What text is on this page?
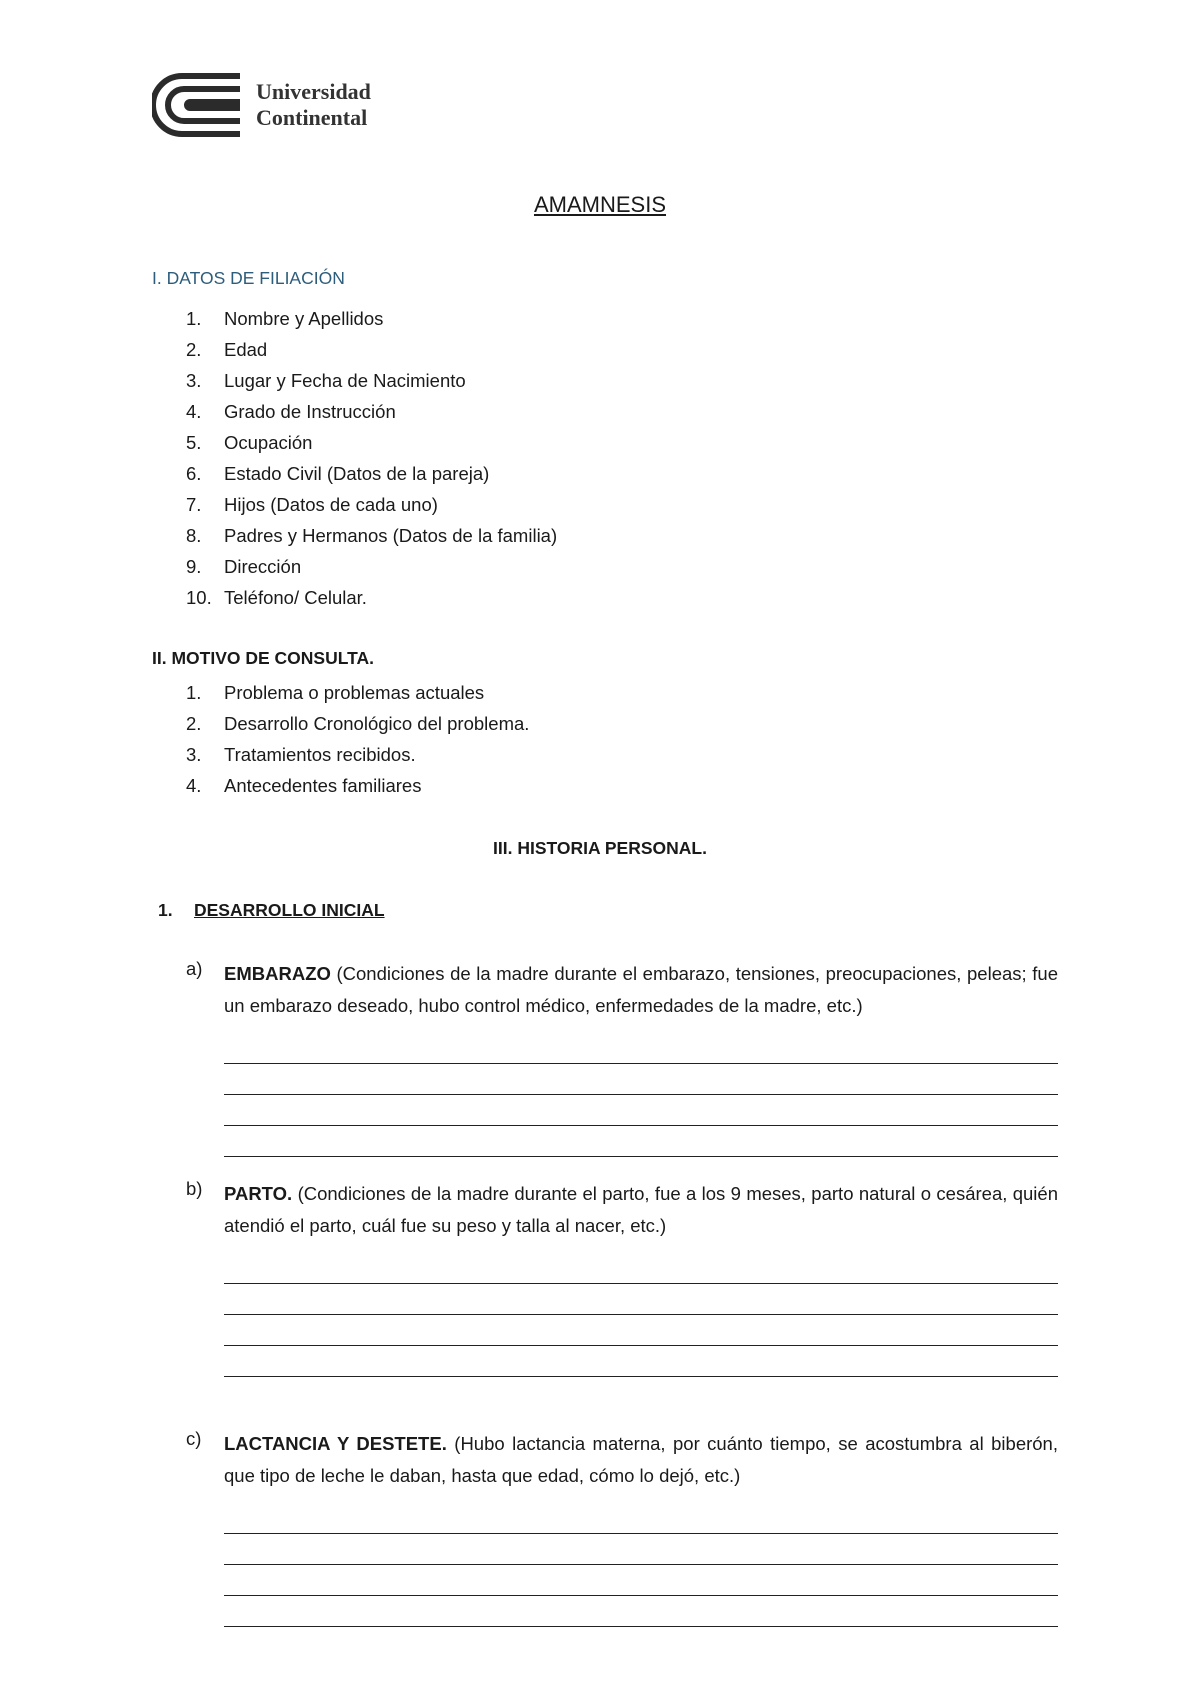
Universidad
Continental
AMAMNESIS
I. DATOS DE FILIACIÓN
1. Nombre y Apellidos
2. Edad
3. Lugar y Fecha de Nacimiento
4. Grado de Instrucción
5. Ocupación
6. Estado Civil (Datos de la pareja)
7. Hijos (Datos de cada uno)
8. Padres y Hermanos (Datos de la familia)
9. Dirección
10. Teléfono/ Celular.
II. MOTIVO DE CONSULTA.
1. Problema o problemas actuales
2. Desarrollo Cronológico del problema.
3. Tratamientos recibidos.
4. Antecedentes familiares
III. HISTORIA PERSONAL.
1. DESARROLLO INICIAL
a) EMBARAZO (Condiciones de la madre durante el embarazo, tensiones, preocupaciones, peleas; fue un embarazo deseado, hubo control médico, enfermedades de la madre, etc.)
b) PARTO. (Condiciones de la madre durante el parto, fue a los 9 meses, parto natural o cesárea, quién atendió el parto, cuál fue su peso y talla al nacer, etc.)
c) LACTANCIA Y DESTETE. (Hubo lactancia materna, por cuánto tiempo, se acostumbra al biberón, que tipo de leche le daban, hasta que edad, cómo lo dejó, etc.)
